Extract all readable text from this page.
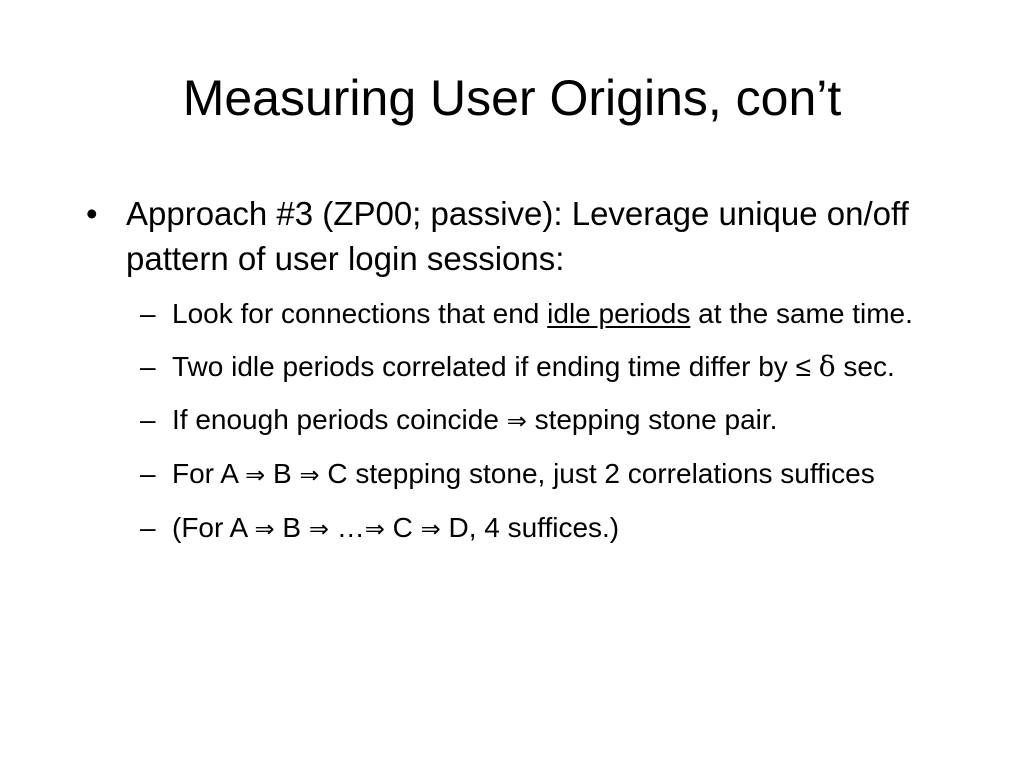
Measuring User Origins, con’t
• Approach #3 (ZP00; passive): Leverage unique on/off pattern of user login sessions:
– Look for connections that end idle periods at the same time.
– Two idle periods correlated if ending time differ by ≤ δ sec.
– If enough periods coincide ⇒ stepping stone pair.
– For A ⇒ B ⇒ C stepping stone, just 2 correlations suffices
– (For A ⇒ B ⇒ …⇒ C ⇒ D, 4 suffices.)
